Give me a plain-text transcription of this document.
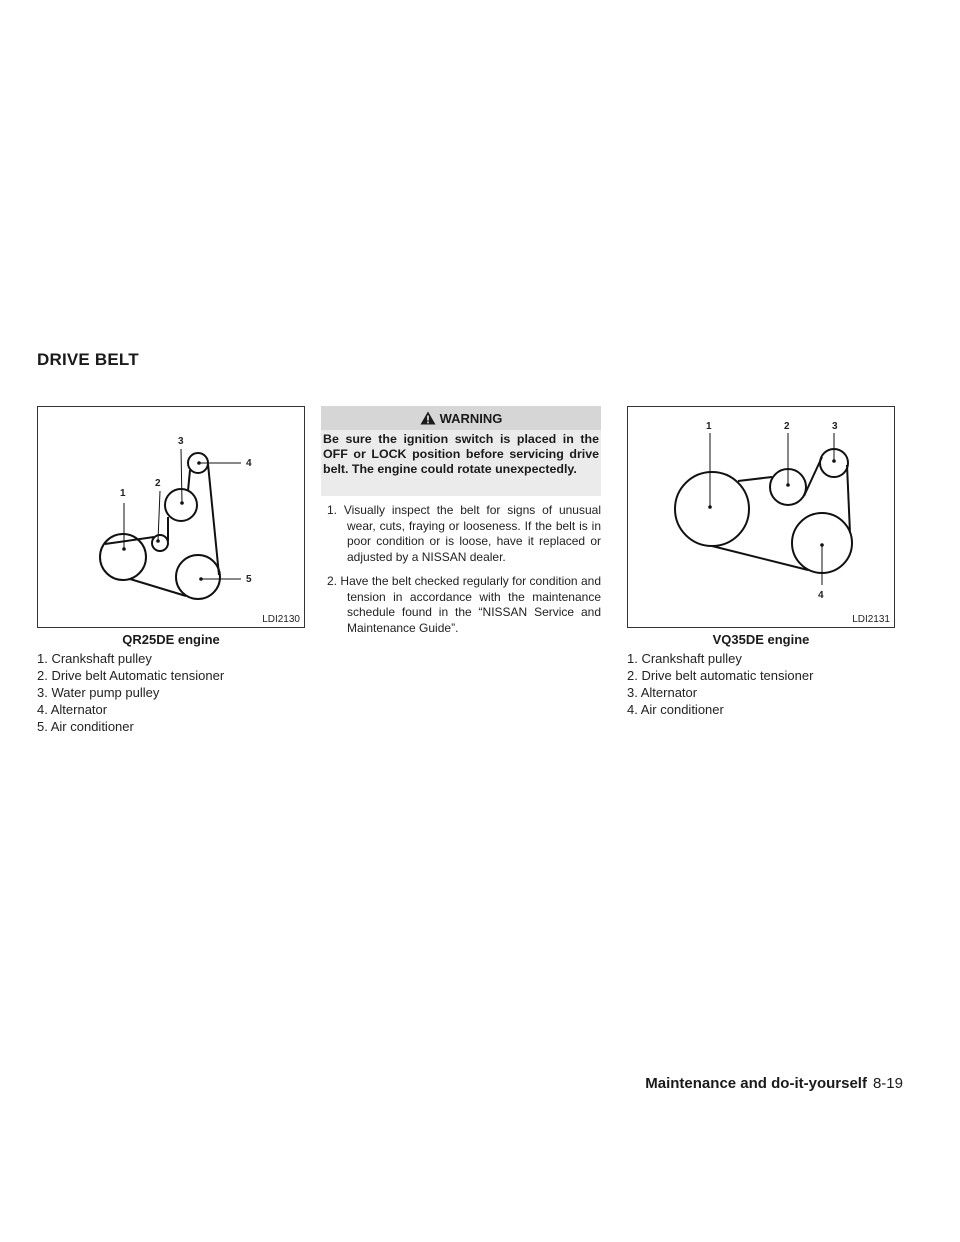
DRIVE BELT
1
2
3
4
5
LDI2130
QR25DE engine
1. Crankshaft pulley
2. Drive belt Automatic tensioner
3. Water pump pulley
4. Alternator
5. Air conditioner
WARNING
Be sure the ignition switch is placed in the OFF or LOCK position before servicing drive belt. The engine could rotate unexpectedly.
1. Visually inspect the belt for signs of unusual wear, cuts, fraying or looseness. If the belt is in poor condition or is loose, have it replaced or adjusted by a NISSAN dealer.
2. Have the belt checked regularly for condition and tension in accordance with the maintenance schedule found in the “NISSAN Service and Maintenance Guide”.
1	2	3
4
LDI2131
VQ35DE engine
1. Crankshaft pulley
2. Drive belt automatic tensioner
3. Alternator
4. Air conditioner
Maintenance and do-it-yourself 8-19
